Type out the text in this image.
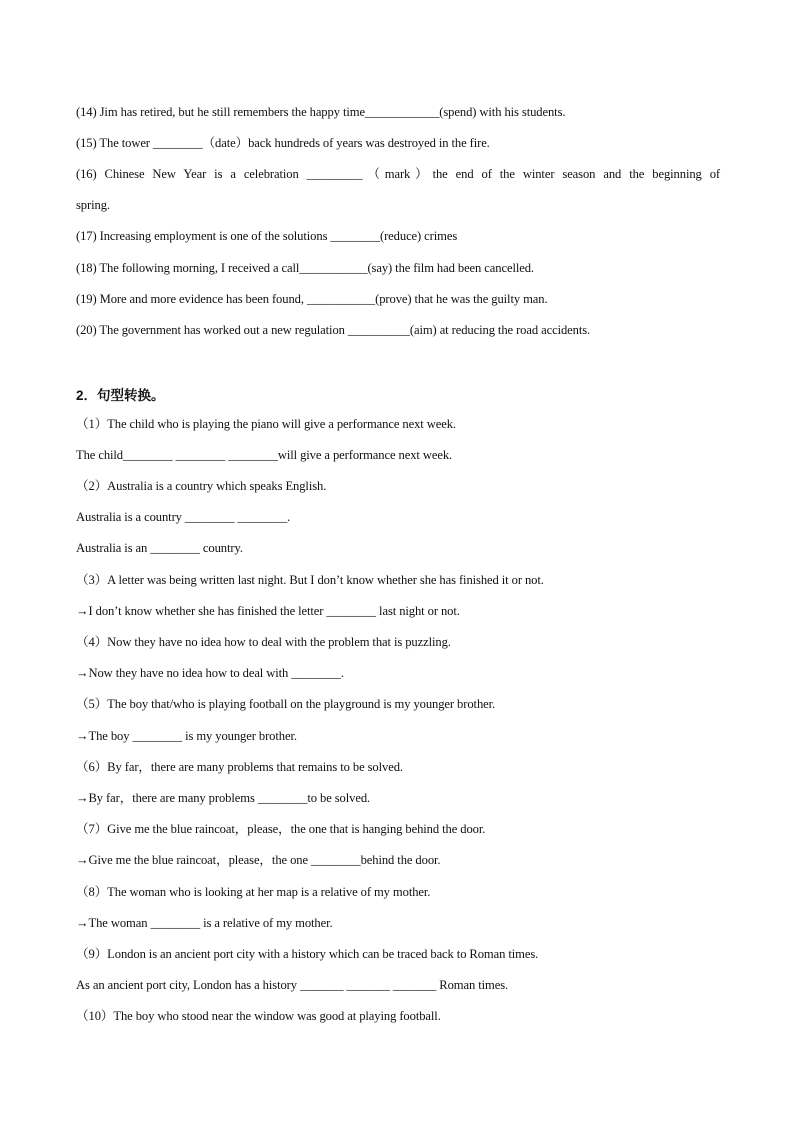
(14) Jim has retired, but he still remembers the happy time____________(spend) with his students.
(15) The tower ________（date）back hundreds of years was destroyed in the fire.
(16) Chinese New Year is a celebration _________（mark）the end of the winter season and the beginning of
spring.
(17) Increasing employment is one of the solutions ________(reduce) crimes
(18) The following morning, I received a call___________(say) the film had been cancelled.
(19) More and more evidence has been found, ___________(prove) that he was the guilty man.
(20) The government has worked out a new regulation __________(aim) at reducing the road accidents.
2．句型转换。
（1）The child who is playing the piano will give a performance next week.
The child________ ________ ________will give a performance next week.
（2）Australia is a country which speaks English.
Australia is a country ________ ________.
Australia is an ________ country.
（3）A letter was being written last night. But I don’t know whether she has finished it or not.
→I don’t know whether she has finished the letter ________ last night or not.
（4）Now they have no idea how to deal with the problem that is puzzling.
→Now they have no idea how to deal with ________.
（5）The boy that/who is playing football on the playground is my younger brother.
→The boy ________ is my younger brother.
（6）By far，there are many problems that remains to be solved.
→By far，there are many problems ________to be solved.
（7）Give me the blue raincoat，please，the one that is hanging behind the door.
→Give me the blue raincoat，please，the one ________behind the door.
（8）The woman who is looking at her map is a relative of my mother.
→The woman ________ is a relative of my mother.
（9）London is an ancient port city with a history which can be traced back to Roman times.
As an ancient port city, London has a history _______ _______ _______ Roman times.
（10）The boy who stood near the window was good at playing football.
